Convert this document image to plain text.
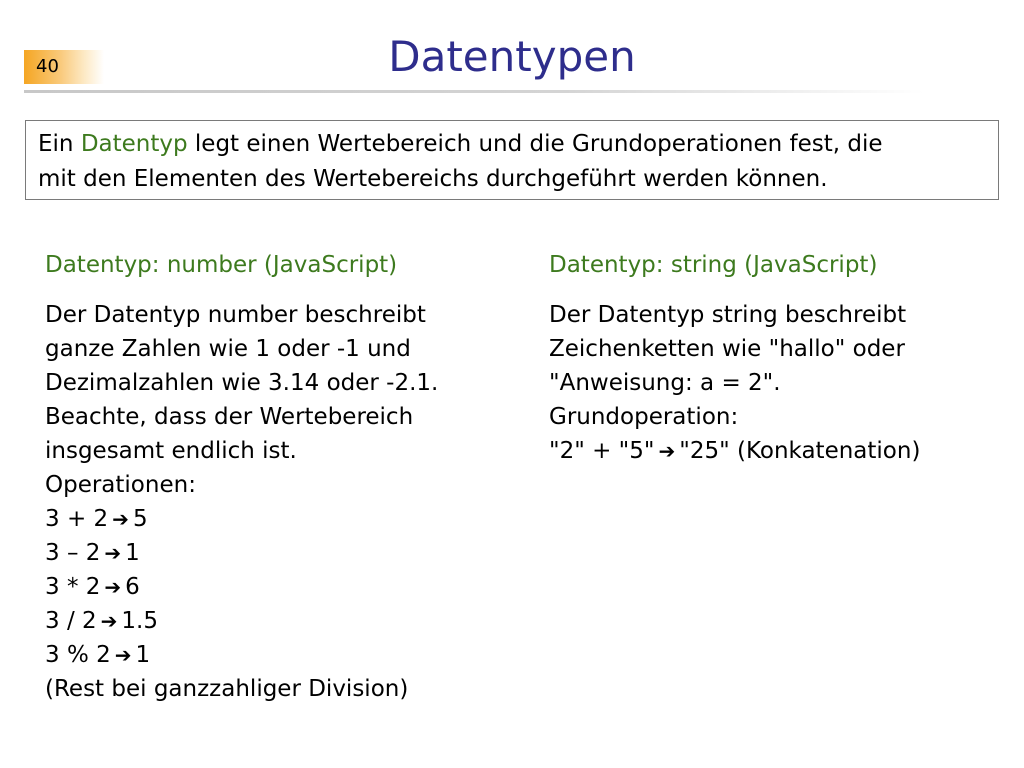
40	Datentypen
Ein Datentyp legt einen Wertebereich und die Grundoperationen fest, die
mit den Elementen des Wertebereichs durchgeführt werden können.
Datentyp: number (JavaScript)
Der Datentyp number beschreibt
ganze Zahlen wie 1 oder -1 und
Dezimalzahlen wie 3.14 oder -2.1.
Beachte, dass der Wertebereich
insgesamt endlich ist.
Operationen:
3 + 2 ➔ 5
3 – 2 ➔ 1
3 * 2 ➔ 6
3 / 2 ➔ 1.5
3 % 2 ➔ 1
(Rest bei ganzzahliger Division)
Datentyp: string (JavaScript)
Der Datentyp string beschreibt
Zeichenketten wie "hallo" oder
"Anweisung: a = 2".
Grundoperation:
"2" + "5" ➔ "25" (Konkatenation)
